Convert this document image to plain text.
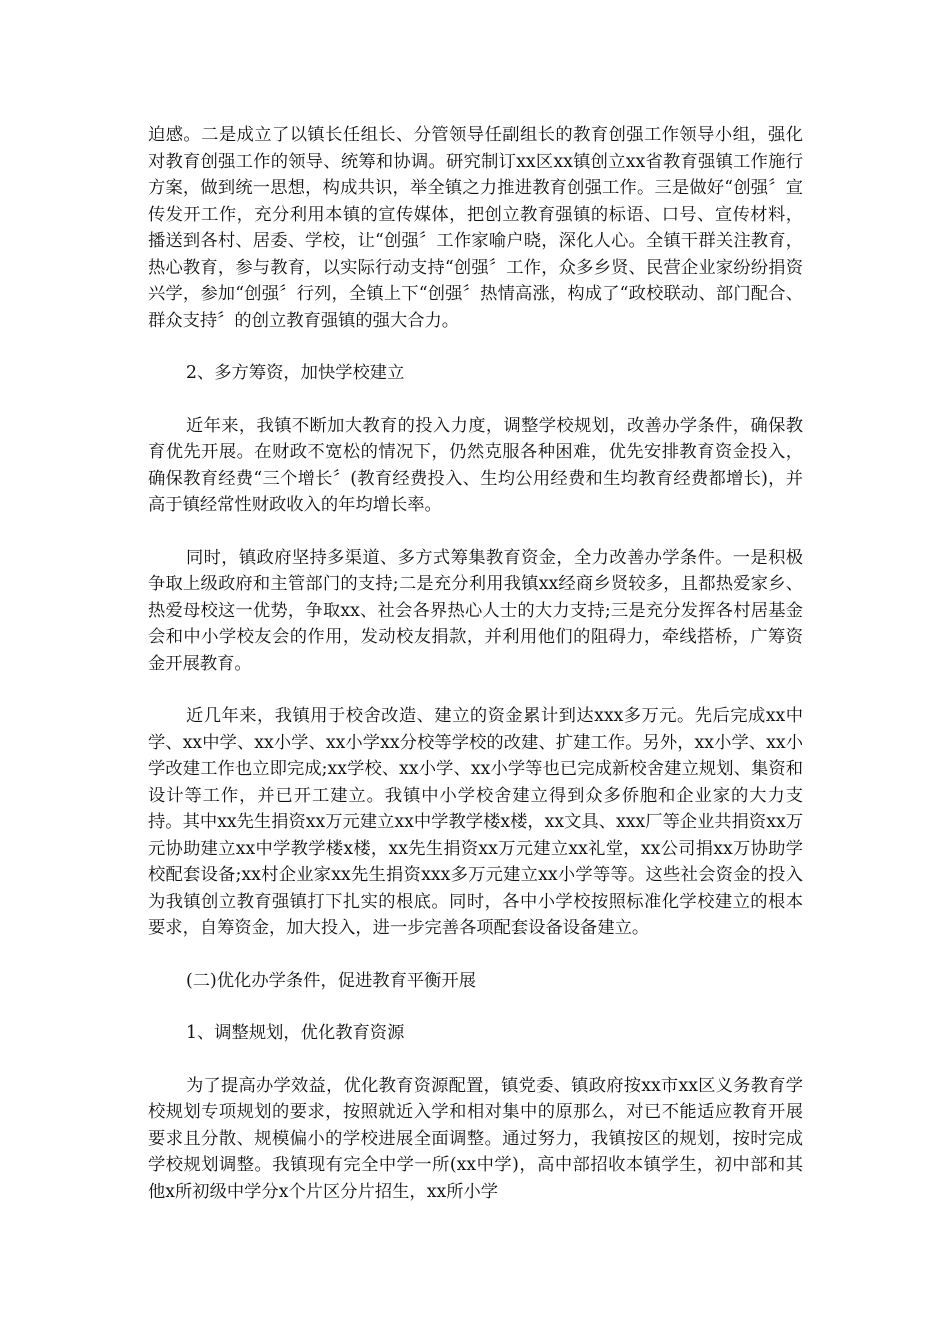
迫感。二是成立了以镇长任组长、分管领导任副组长的教育创强工作领导小组，强化对教育创强工作的领导、统筹和协调。研究制订xx区xx镇创立xx省教育强镇工作施行方案，做到统一思想，构成共识，举全镇之力推进教育创强工作。三是做好“创强〞宣传发开工作，充分利用本镇的宣传媒体，把创立教育强镇的标语、口号、宣传材料，播送到各村、居委、学校，让“创强〞工作家喻户晓，深化人心。全镇干群关注教育，热心教育，参与教育，以实际行动支持“创强〞工作，众多乡贤、民营企业家纷纷捐资兴学，参加“创强〞行列，全镇上下“创强〞热情高涨，构成了“政校联动、部门配合、群众支持〞的创立教育强镇的强大合力。

2、多方筹资，加快学校建立

近年来，我镇不断加大教育的投入力度，调整学校规划，改善办学条件，确保教育优先开展。在财政不宽松的情况下，仍然克服各种困难，优先安排教育资金投入，确保教育经费“三个增长〞(教育经费投入、生均公用经费和生均教育经费都增长)，并高于镇经常性财政收入的年均增长率。

同时，镇政府坚持多渠道、多方式筹集教育资金，全力改善办学条件。一是积极争取上级政府和主管部门的支持;二是充分利用我镇xx经商乡贤较多，且都热爱家乡、热爱母校这一优势，争取xx、社会各界热心人士的大力支持;三是充分发挥各村居基金会和中小学校友会的作用，发动校友捐款，并利用他们的阻碍力，牵线搭桥，广筹资金开展教育。

近几年来，我镇用于校舍改造、建立的资金累计到达xxx多万元。先后完成xx中学、xx中学、xx小学、xx小学xx分校等学校的改建、扩建工作。另外，xx小学、xx小学改建工作也立即完成;xx学校、xx小学、xx小学等也已完成新校舍建立规划、集资和设计等工作，并已开工建立。我镇中小学校舍建立得到众多侨胞和企业家的大力支持。其中xx先生捐资xx万元建立xx中学教学楼x楼，xx文具、xxx厂等企业共捐资xx万元协助建立xx中学教学楼x楼，xx先生捐资xx万元建立xx礼堂，xx公司捐xx万协助学校配套设备;xx村企业家xx先生捐资xxx多万元建立xx小学等等。这些社会资金的投入为我镇创立教育强镇打下扎实的根底。同时，各中小学校按照标准化学校建立的根本要求，自筹资金，加大投入，进一步完善各项配套设备设备建立。

(二)优化办学条件，促进教育平衡开展

1、调整规划，优化教育资源

为了提高办学效益，优化教育资源配置，镇党委、镇政府按xx市xx区义务教育学校规划专项规划的要求，按照就近入学和相对集中的原那么，对已不能适应教育开展要求且分散、规模偏小的学校进展全面调整。通过努力，我镇按区的规划，按时完成学校规划调整。我镇现有完全中学一所(xx中学)，高中部招收本镇学生，初中部和其他x所初级中学分x个片区分片招生，xx所小学
